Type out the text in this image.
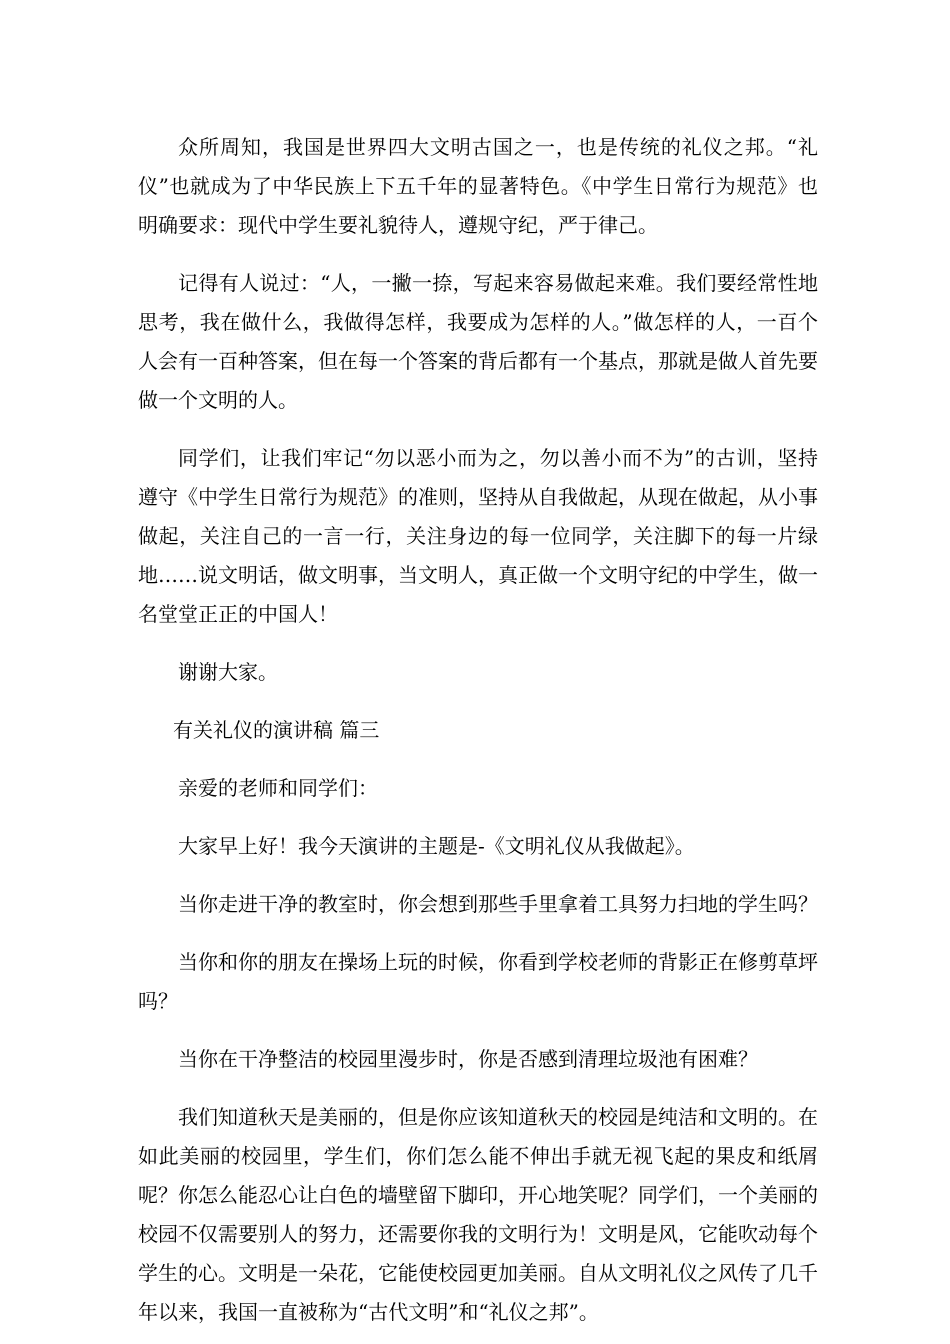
众所周知，我国是世界四大文明古国之一，也是传统的礼仪之邦。“礼仪”也就成为了中华民族上下五千年的显著特色。《中学生日常行为规范》也明确要求：现代中学生要礼貌待人，遵规守纪，严于律己。

记得有人说过：“人，一撇一捺，写起来容易做起来难。我们要经常性地思考，我在做什么，我做得怎样，我要成为怎样的人。”做怎样的人，一百个人会有一百种答案，但在每一个答案的背后都有一个基点，那就是做人首先要做一个文明的人。

同学们，让我们牢记“勿以恶小而为之，勿以善小而不为”的古训，坚持遵守《中学生日常行为规范》的准则，坚持从自我做起，从现在做起，从小事做起，关注自己的一言一行，关注身边的每一位同学，关注脚下的每一片绿地……说文明话，做文明事，当文明人，真正做一个文明守纪的中学生，做一名堂堂正正的中国人！

谢谢大家。

有关礼仪的演讲稿 篇三

亲爱的老师和同学们：

大家早上好！我今天演讲的主题是-《文明礼仪从我做起》。

当你走进干净的教室时，你会想到那些手里拿着工具努力扫地的学生吗？

当你和你的朋友在操场上玩的时候，你看到学校老师的背影正在修剪草坪吗？

当你在干净整洁的校园里漫步时，你是否感到清理垃圾池有困难？

我们知道秋天是美丽的，但是你应该知道秋天的校园是纯洁和文明的。在如此美丽的校园里，学生们，你们怎么能不伸出手就无视飞起的果皮和纸屑呢？你怎么能忍心让白色的墙壁留下脚印，开心地笑呢？同学们，一个美丽的校园不仅需要别人的努力，还需要你我的文明行为！文明是风，它能吹动每个学生的心。文明是一朵花，它能使校园更加美丽。自从文明礼仪之风传了几千年以来，我国一直被称为“古代文明”和“礼仪之邦”。
